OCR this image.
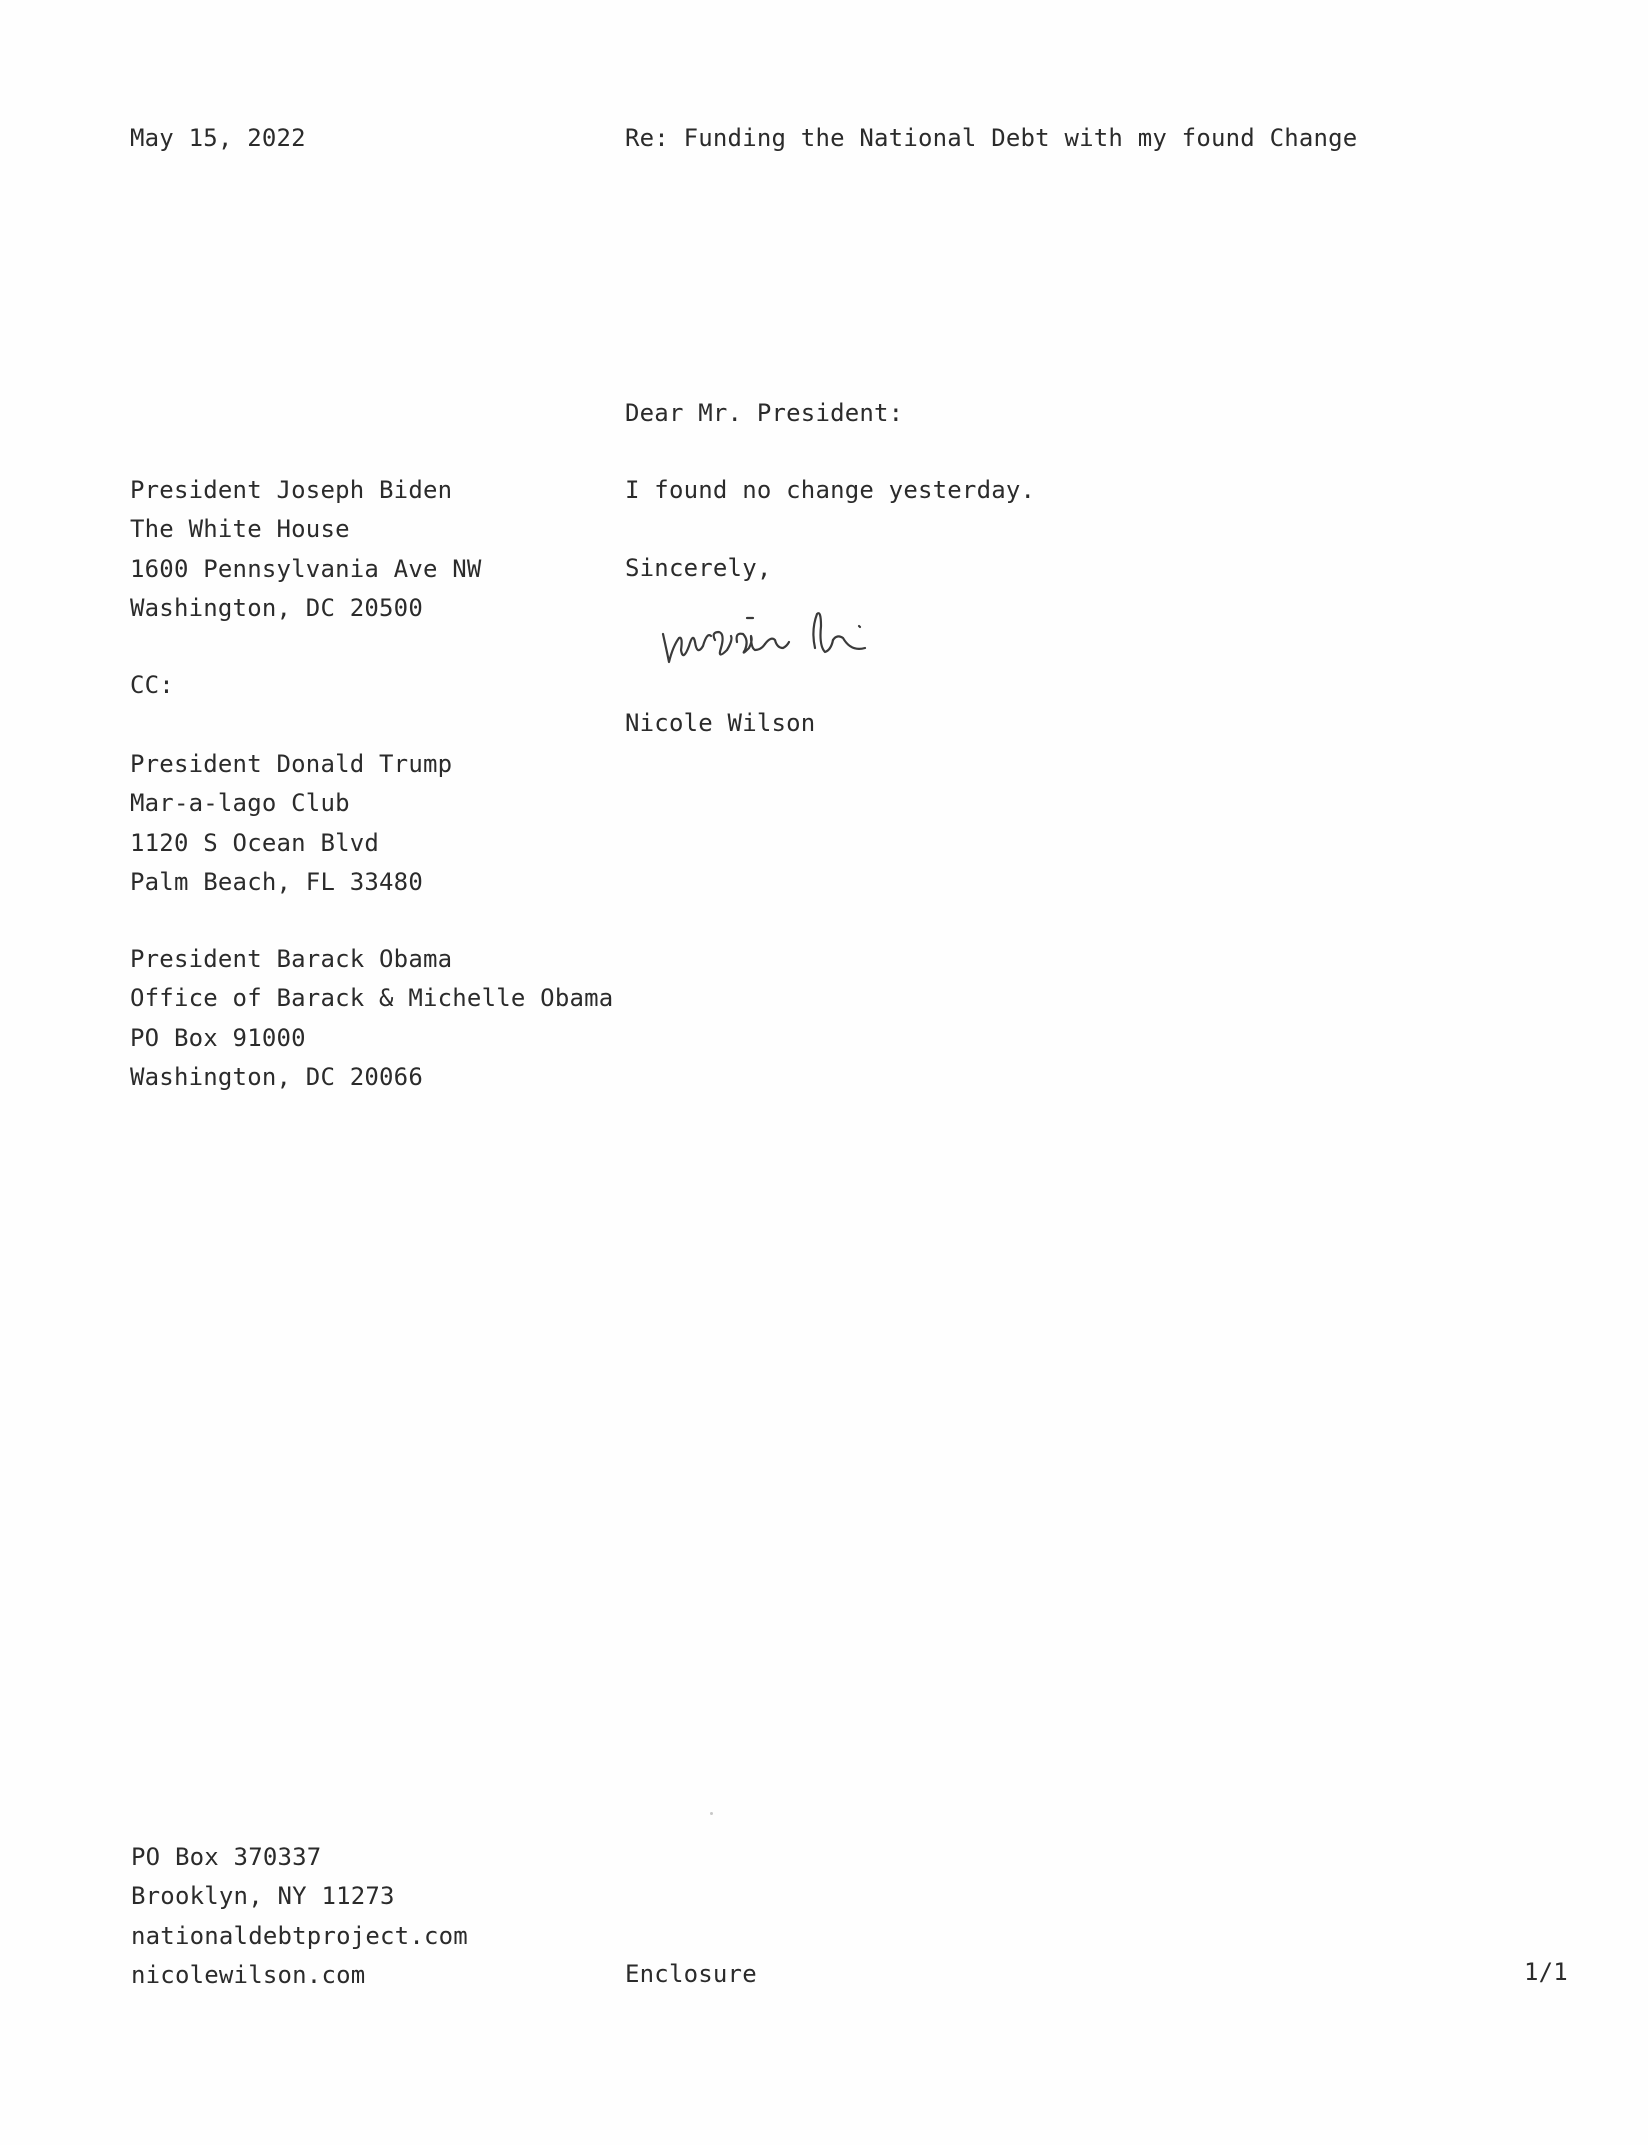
May 15, 2022	Re: Funding the National Debt with my found Change
Dear Mr. President:
I found no change yesterday.
Sincerely,
Nicole Wilson
President Joseph Biden
The White House
1600 Pennsylvania Ave NW
Washington, DC 20500
CC:
President Donald Trump
Mar-a-lago Club
1120 S Ocean Blvd
Palm Beach, FL 33480
President Barack Obama
Office of Barack & Michelle Obama
PO Box 91000
Washington, DC 20066
PO Box 370337
Brooklyn, NY 11273
nationaldebtproject.com
nicolewilson.com	Enclosure	1/1
